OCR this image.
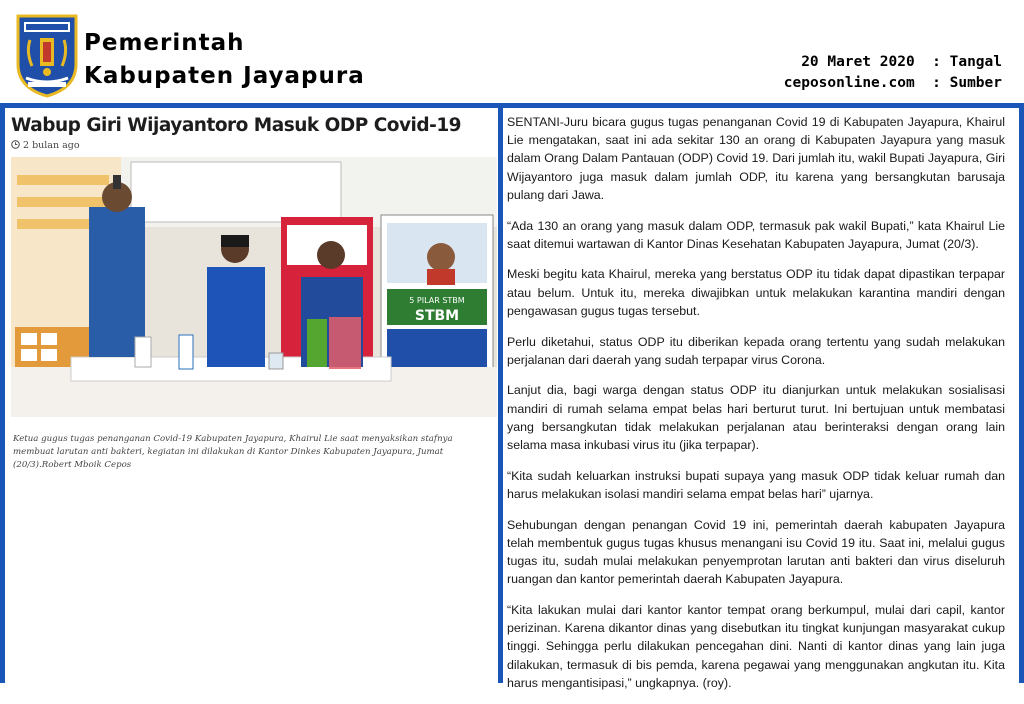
Pemerintah
Kabupaten Jayapura
20 Maret 2020  : Tangal
ceposonline.com  : Sumber
Wabup Giri Wijayantoro Masuk ODP Covid-19
2 bulan ago
5 PILAR STBM
STBM
Ketua gugus tugas penanganan Covid-19 Kabupaten Jayapura, Khairul Lie saat menyaksikan stafnya membuat larutan anti bakteri, kegiatan ini dilakukan di Kantor Dinkes Kabupaten Jayapura, Jumat (20/3).Robert Mboik Cepos

SENTANI-Juru bicara gugus tugas penanganan Covid 19 di Kabupaten Jayapura, Khairul Lie mengatakan, saat ini ada sekitar 130 an orang di Kabupaten Jayapura yang masuk dalam Orang Dalam Pantauan (ODP) Covid 19. Dari jumlah itu, wakil Bupati Jayapura, Giri Wijayantoro juga masuk dalam jumlah ODP, itu karena yang bersangkutan barusaja pulang dari Jawa.

“Ada 130 an orang yang masuk dalam ODP, termasuk pak wakil Bupati,” kata Khairul Lie saat ditemui wartawan di Kantor Dinas Kesehatan Kabupaten Jayapura, Jumat (20/3).

Meski begitu kata Khairul, mereka yang berstatus ODP itu tidak dapat dipastikan terpapar atau belum. Untuk itu, mereka diwajibkan untuk melakukan karantina mandiri dengan pengawasan gugus tugas tersebut.

Perlu diketahui, status ODP itu diberikan kepada orang tertentu yang sudah melakukan perjalanan dari daerah yang sudah terpapar virus Corona.

Lanjut dia, bagi warga dengan status ODP itu dianjurkan untuk melakukan sosialisasi mandiri di rumah selama empat belas hari berturut turut. Ini bertujuan untuk membatasi yang bersangkutan tidak melakukan perjalanan atau berinteraksi dengan orang lain selama masa inkubasi virus itu (jika terpapar).

“Kita sudah keluarkan instruksi bupati supaya yang masuk ODP tidak keluar rumah dan harus melakukan isolasi mandiri selama empat belas hari” ujarnya.

Sehubungan dengan penangan Covid 19 ini, pemerintah daerah kabupaten Jayapura telah membentuk gugus tugas khusus menangani isu Covid 19 itu. Saat ini, melalui gugus tugas itu, sudah mulai melakukan penyemprotan larutan anti bakteri dan virus diseluruh ruangan dan kantor pemerintah daerah Kabupaten Jayapura.

“Kita lakukan mulai dari kantor kantor tempat orang berkumpul, mulai dari capil, kantor perizinan. Karena dikantor dinas yang disebutkan itu tingkat kunjungan masyarakat cukup tinggi. Sehingga perlu dilakukan pencegahan dini. Nanti di kantor dinas yang lain juga dilakukan, termasuk di bis pemda, karena pegawai yang menggunakan angkutan itu. Kita harus mengantisipasi,” ungkapnya. (roy).
